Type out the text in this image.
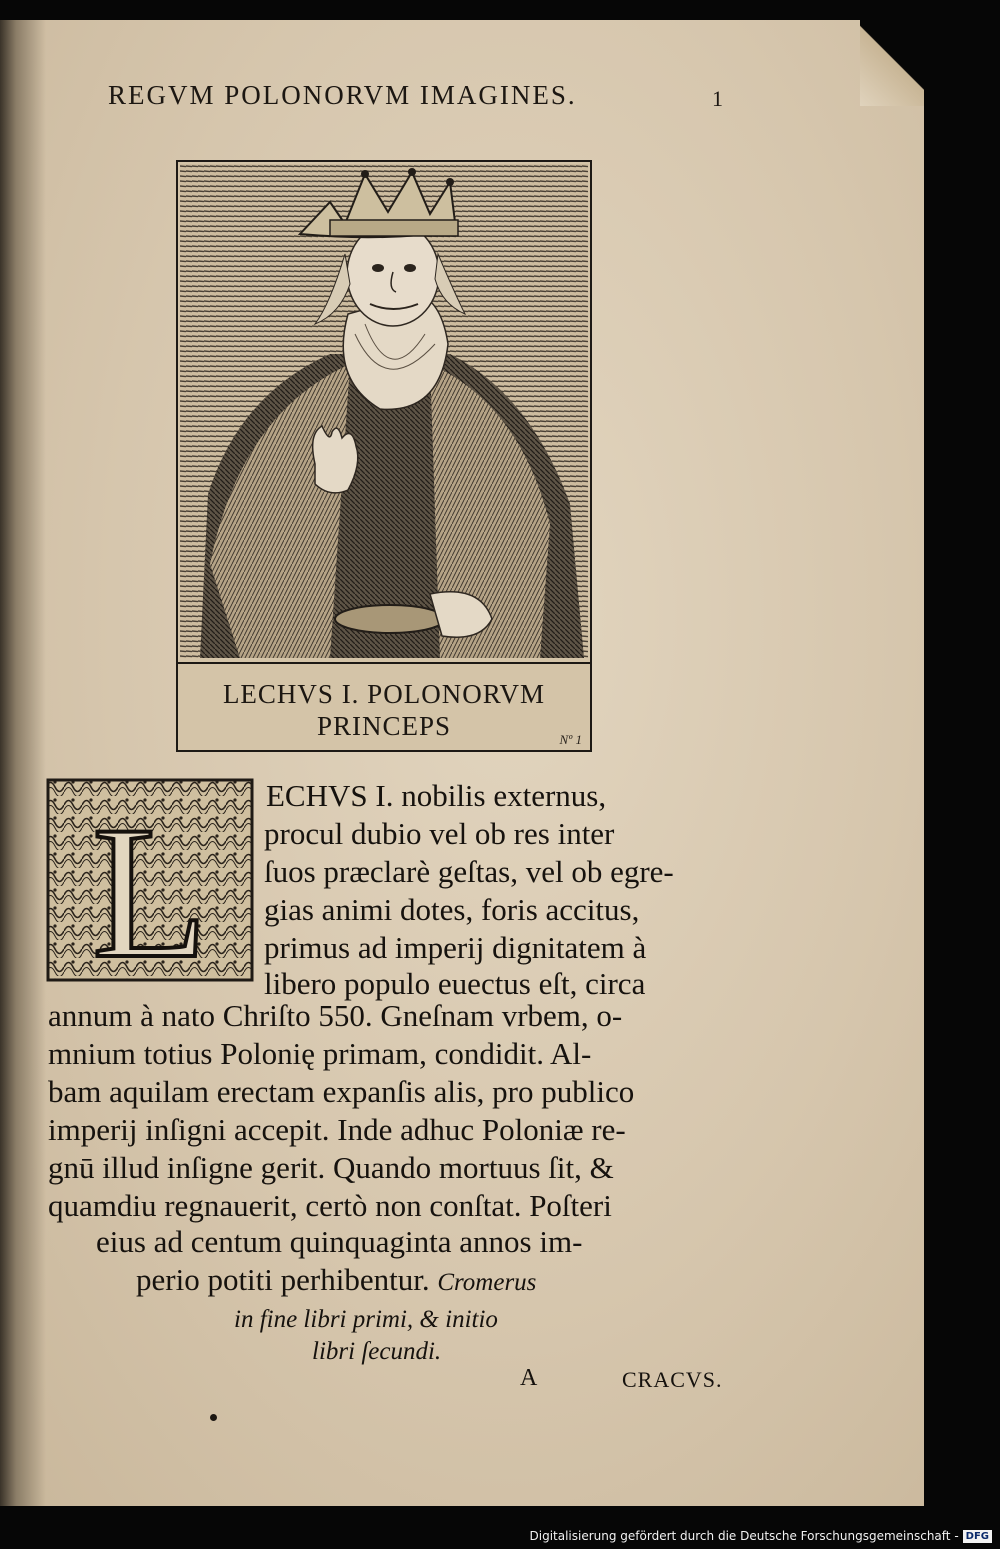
REGVM POLONORVM IMAGINES.	1
LECHVS I. POLONORVM
PRINCEPS	Nº 1
L ECHVS I. nobilis externus,
procul dubio vel ob res inter
ſuos præclarè geſtas, vel ob egre-
gias animi dotes, foris accitus,
primus ad imperij dignitatem à
libero populo euectus eſt, circa
annum à nato Chriſto 550. Gneſnam vrbem, o-
mnium totius Polonię primam, condidit. Al-
bam aquilam erectam expanſis alis, pro publico
imperij inſigni accepit. Inde adhuc Poloniæ re-
gnū illud inſigne gerit. Quando mortuus ſit, &
quamdiu regnauerit, certò non conſtat. Poſteri
eius ad centum quinquaginta annos im-
perio potiti perhibentur. Cromerus
in fine libri primi, & initio
libri ſecundi.
A	CRACVS.
Digitalisierung gefördert durch die Deutsche Forschungsgemeinschaft - DFG
